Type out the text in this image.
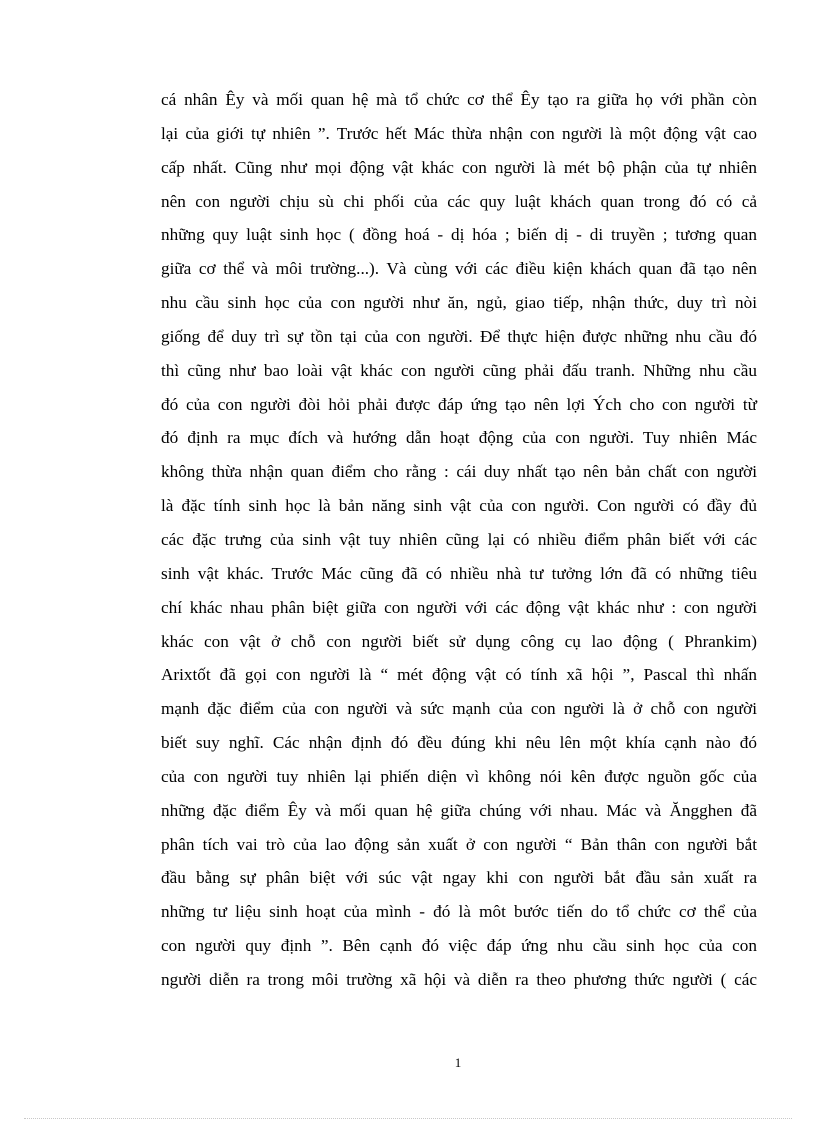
cá nhân Êy và mối quan hệ mà tổ chức cơ thể Êy tạo ra giữa họ với phần còn
lại của giới tự nhiên ”. Trước hết Mác thừa nhận con người là một động vật cao
cấp nhất. Cũng như mọi động vật khác con người là mét bộ phận của tự nhiên
nên con người chịu sù chi phối của các quy luật khách quan trong đó có cả
những quy luật sinh học ( đồng hoá - dị hóa ; biến dị - di truyền ; tương quan
giữa cơ thể và môi trường...). Và cùng với các điều kiện khách quan đã tạo nên
nhu cầu sinh học của con người như ăn, ngủ, giao tiếp, nhận thức, duy trì nòi
giống để duy trì sự tồn tại của con người. Để thực hiện được những nhu cầu đó
thì cũng như bao loài vật khác con người cũng phải đấu tranh. Những nhu cầu
đó của con người đòi hỏi phải được đáp ứng tạo nên lợi Ých cho con người từ
đó định ra mục đích và hướng dẫn hoạt động của con người. Tuy nhiên Mác
không thừa nhận quan điểm cho rằng : cái duy nhất tạo nên bản chất con người
là đặc tính sinh học là bản năng sinh vật của con người. Con người có đầy đủ
các đặc trưng của sinh vật tuy nhiên cũng lại có nhiều điểm phân biết với các
sinh vật khác. Trước Mác cũng đã có nhiều nhà tư tưởng lớn đã có những tiêu
chí khác nhau phân biệt giữa con người với các động vật khác như : con người
khác con vật ở chỗ con người biết sử dụng công cụ lao động ( Phrankim)
Arixtốt đã gọi con người là “ mét động vật có tính xã hội ”, Pascal thì nhấn
mạnh đặc điểm của con người và sức mạnh của con người là ở chỗ con người
biết suy nghĩ. Các nhận định đó đều đúng khi nêu lên một khía cạnh nào đó
của con người tuy nhiên lại phiến diện vì không nói kên được nguồn gốc của
những đặc điểm Êy và mối quan hệ giữa chúng với nhau. Mác và Ăngghen đã
phân tích vai trò của lao động sản xuất ở con người “ Bản thân con người bắt
đầu bằng sự phân biệt với súc vật ngay khi con người bắt đầu sản xuất ra
những tư liệu sinh hoạt của mình - đó là môt bước tiến do tổ chức cơ thể của
con người quy định ”. Bên cạnh đó việc đáp ứng nhu cầu sinh học của con
người diễn ra trong môi trường xã hội và diễn ra theo phương thức người ( các
1
